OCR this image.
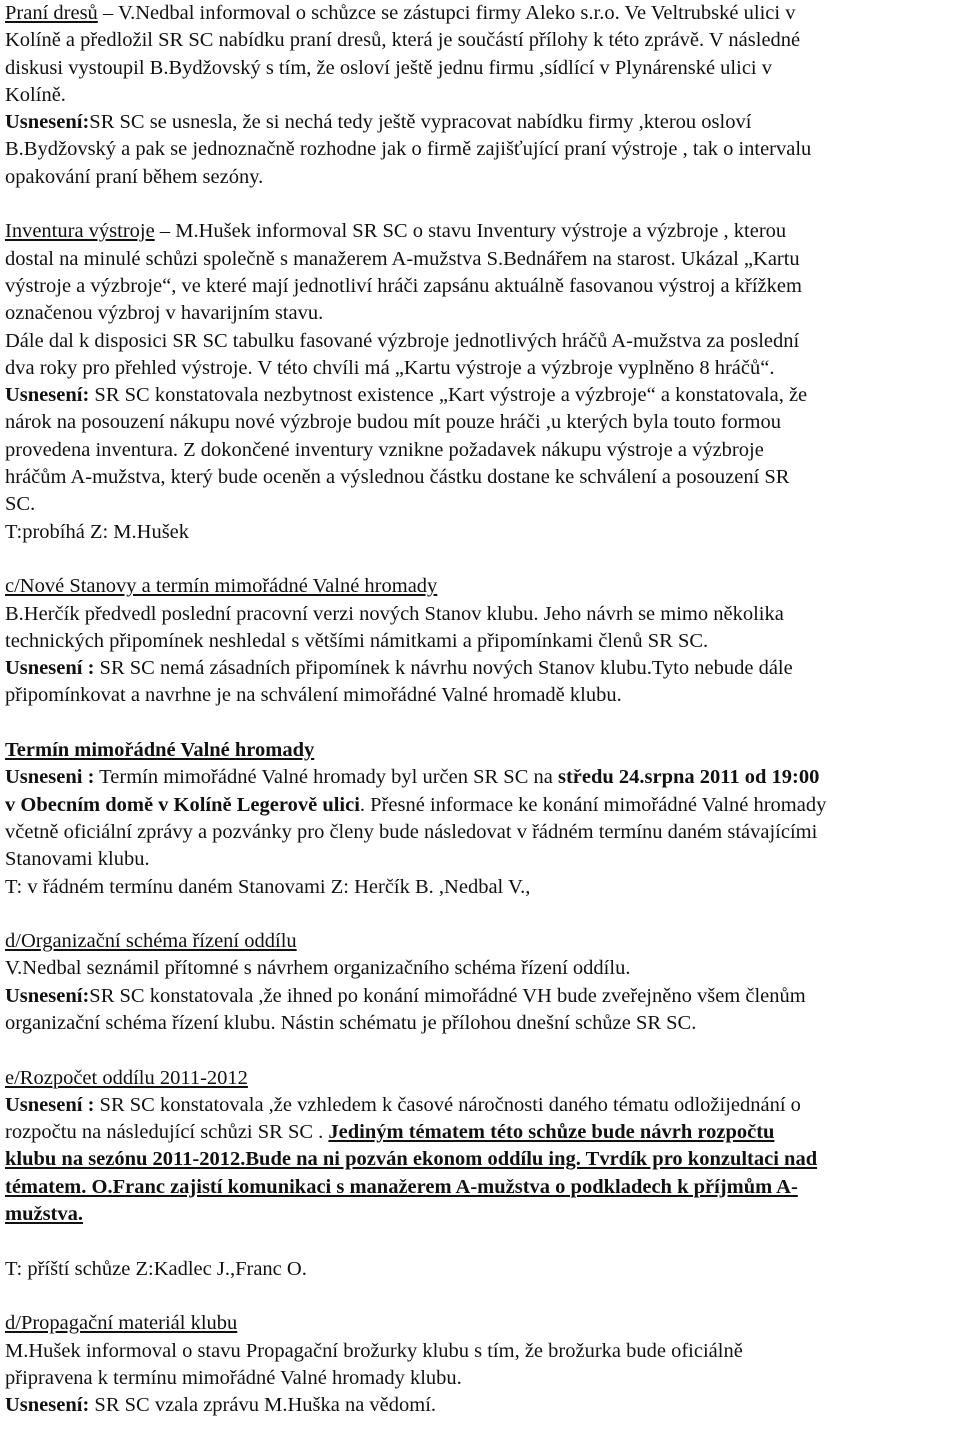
Praní dresů – V.Nedbal informoval o schůzce se zástupci firmy Aleko s.r.o. Ve Veltrubské ulici v
Kolíně a předložil SR SC nabídku praní dresů, která je součástí přílohy k této zprávě. V následné
diskusi vystoupil B.Bydžovský s tím, že osloví ještě jednu firmu ,sídlící v Plynárenské ulici v
Kolíně.
Usnesení:SR SC se usnesla, že si nechá tedy ještě vypracovat nabídku firmy ,kterou osloví
B.Bydžovský a pak se jednoznačně rozhodne jak o firmě zajišťující praní výstroje , tak o intervalu
opakování praní během sezóny.
Inventura výstroje – M.Hušek informoval SR SC o stavu Inventury výstroje a výzbroje , kterou
dostal na minulé schůzi společně s manažerem A-mužstva S.Bednářem na starost. Ukázal „Kartu
výstroje a výzbroje“, ve které mají jednotliví hráči zapsánu aktuálně fasovanou výstroj a křížkem
označenou výzbroj v havarijním stavu.
Dále dal k disposici SR SC tabulku fasované výzbroje jednotlivých hráčů A-mužstva za poslední
dva roky pro přehled výstroje. V této chvíli má „Kartu výstroje a výzbroje vyplněno 8 hráčů“.
Usnesení: SR SC konstatovala nezbytnost existence „Kart výstroje a výzbroje“ a konstatovala, že
nárok na posouzení nákupu nové výzbroje budou mít pouze hráči ,u kterých byla touto formou
provedena inventura. Z dokončené inventury vznikne požadavek nákupu výstroje a výzbroje
hráčům A-mužstva, který bude oceněn a výslednou částku dostane ke schválení a posouzení SR
SC.
T:probíhá Z: M.Hušek
c/Nové Stanovy a termín mimořádné Valné hromady
B.Herčík předvedl poslední pracovní verzi nových Stanov klubu. Jeho návrh se mimo několika
technických připomínek neshledal s většími námitkami a připomínkami členů SR SC.
Usnesení : SR SC nemá zásadních připomínek k návrhu nových Stanov klubu.Tyto nebude dále
připomínkovat a navrhne je na schválení mimořádné Valné hromadě klubu.
Termín mimořádné Valné hromady
Usneseni : Termín mimořádné Valné hromady byl určen SR SC na středu 24.srpna 2011 od 19:00
v Obecním domě v Kolíně Legerově ulici. Přesné informace ke konání mimořádné Valné hromady
včetně oficiální zprávy a pozvánky pro členy bude následovat v řádném termínu daném stávajícími
Stanovami klubu.
T: v řádném termínu daném Stanovami Z: Herčík B. ,Nedbal V.,
d/Organizační schéma řízení oddílu
V.Nedbal seznámil přítomné s návrhem organizačního schéma řízení oddílu.
Usnesení:SR SC konstatovala ,že ihned po konání mimořádné VH bude zveřejněno všem členům
organizační schéma řízení klubu. Nástin schématu je přílohou dnešní schůze SR SC.
e/Rozpočet oddílu 2011-2012
Usnesení : SR SC konstatovala ,že vzhledem k časové náročnosti daného tématu odložijednání o
rozpočtu na následující schůzi SR SC . Jediným tématem této schůze bude návrh rozpočtu
klubu na sezónu 2011-2012.Bude na ni pozván ekonom oddílu ing. Tvrdík pro konzultaci nad
tématem. O.Franc zajistí komunikaci s manažerem A-mužstva o podkladech k příjmům A-
mužstva.
T: příští schůze Z:Kadlec J.,Franc O.
d/Propagační materiál klubu
M.Hušek informoval o stavu Propagační brožurky klubu s tím, že brožurka bude oficiálně
připravena k termínu mimořádné Valné hromady klubu.
Usnesení: SR SC vzala zprávu M.Huška na vědomí.
